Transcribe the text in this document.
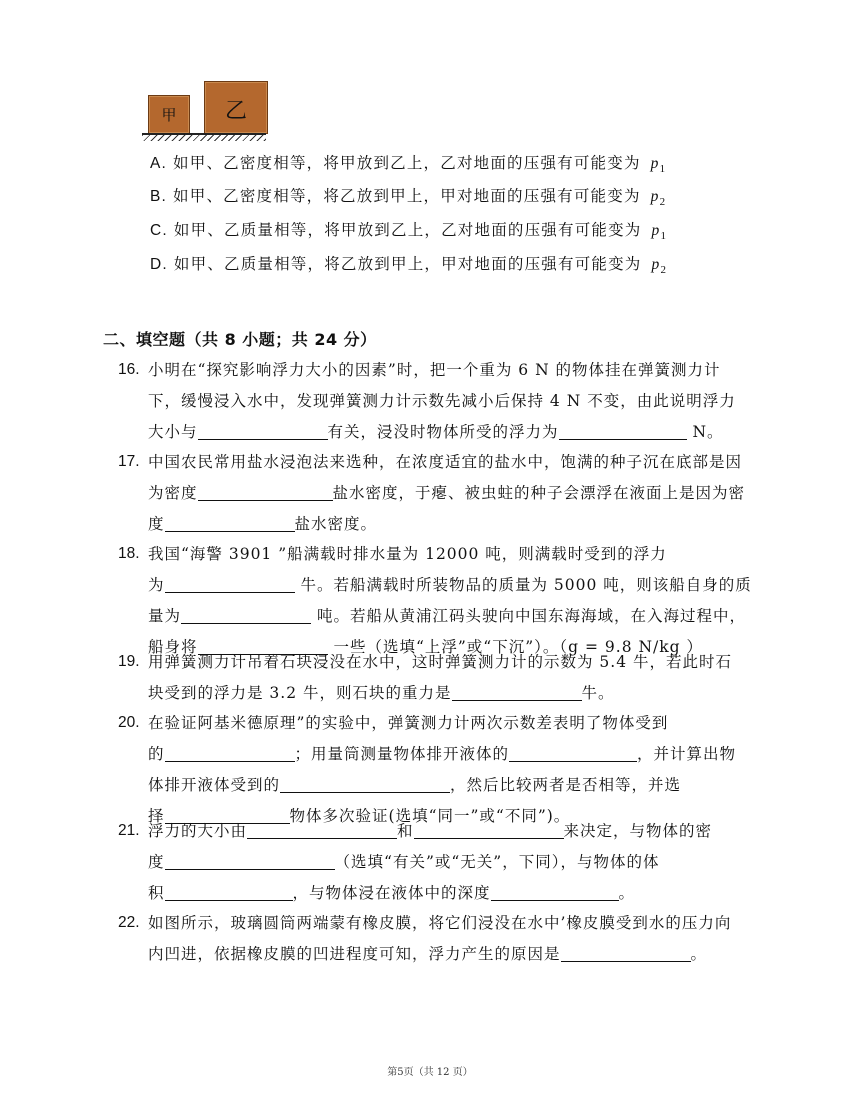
甲	乙
A. 如甲、乙密度相等，将甲放到乙上，乙对地面的压强有可能变为 $p_1$
B. 如甲、乙密度相等，将乙放到甲上，甲对地面的压强有可能变为 $p_2$
C. 如甲、乙质量相等，将甲放到乙上，乙对地面的压强有可能变为 $p_1$
D. 如甲、乙质量相等，将乙放到甲上，甲对地面的压强有可能变为 $p_2$
二、填空题（共 8 小题；共 24 分）
16. 小明在“探究影响浮力大小的因素”时，把一个重为 6 N 的物体挂在弹簧测力计
下，缓慢浸入水中，发现弹簧测力计示数先减小后保持 4 N 不变，由此说明浮力
大小与	有关，浸没时物体所受的浮力为	N。
17. 中国农民常用盐水浸泡法来选种，在浓度适宜的盐水中，饱满的种子沉在底部是因
为密度	盐水密度，于瘪、被虫蛀的种子会漂浮在液面上是因为密
度	盐水密度。
18. 我国“海警 3901 ”船满载时排水量为 12000 吨，则满载时受到的浮力
为	牛。若船满载时所装物品的质量为 5000 吨，则该船自身的质
量为	吨。若船从黄浦江码头驶向中国东海海域，在入海过程中，
船身将	一些（选填“上浮”或“下沉”）。（g = 9.8 N/kg ）
19. 用弹簧测力计吊着石块浸没在水中，这时弹簧测力计的示数为 5.4 牛，若此时石
块受到的浮力是 3.2 牛，则石块的重力是	牛。
20. 在验证阿基米德原理”的实验中，弹簧测力计两次示数差表明了物体受到
的	；用量筒测量物体排开液体的	，并计算出物
体排开液体受到的	，然后比较两者是否相等，并选
择	物体多次验证(选填“同一”或“不同”)。
21. 浮力的大小由	和	来决定，与物体的密
度	（选填“有关”或“无关”，下同），与物体的体
积	，与物体浸在液体中的深度	。
22. 如图所示，玻璃圆筒两端蒙有橡皮膜，将它们浸没在水中’橡皮膜受到水的压力向
内凹进，依据橡皮膜的凹进程度可知，浮力产生的原因是	。
第5页（共 12 页）
